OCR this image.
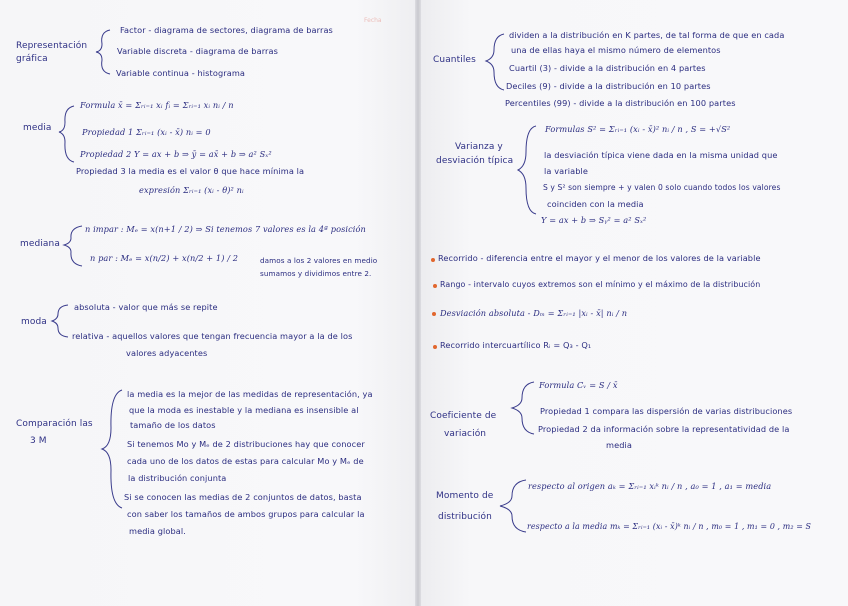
Fecha

Representación gráfica

Factor - diagrama de sectores, diagrama de barras

Variable discreta - diagrama de barras

Variable continua - histograma

media

Formula x̄ = Σᵣᵢ₌₁ xᵢ fᵢ = Σᵣᵢ₌₁ xᵢ nᵢ / n

Propiedad 1 Σᵣᵢ₌₁ (xᵢ - x̄) nᵢ = 0

Propiedad 2 Y = ax + b ⇒ ȳ = ax̄ + b ⇒ a² Sₓ²

Propiedad 3 la media es el valor θ que hace mínima la

expresión Σᵣᵢ₌₁ (xᵢ - θ)² nᵢ

mediana

n impar : Mₑ = x(n+1 / 2) ⇒ Si tenemos 7 valores es la 4ª posición

n par : Mₑ = x(n/2) + x(n/2 + 1) / 2	damos a los 2 valores en medio

sumamos y dividimos entre 2.

moda

absoluta - valor que más se repite

relativa - aquellos valores que tengan frecuencia mayor a la de los

valores adyacentes

Comparación las

3 M

la media es la mejor de las medidas de representación, ya

que la moda es inestable y la mediana es insensible al

tamaño de los datos

Si tenemos Mo y Mₑ de 2 distribuciones hay que conocer

cada uno de los datos de estas para calcular Mo y Mₑ de

la distribución conjunta

Si se conocen las medias de 2 conjuntos de datos, basta

con saber los tamaños de ambos grupos para calcular la

media global.

Cuantiles

dividen a la distribución en K partes, de tal forma de que en cada

una de ellas haya el mismo número de elementos

Cuartil (3) - divide a la distribución en 4 partes

Deciles (9) - divide a la distribución en 10 partes

Percentiles (99) - divide a la distribución en 100 partes

Varianza y

desviación típica

Formulas S² = Σᵣᵢ₌₁ (xᵢ - x̄)² nᵢ / n , S = +√S²

la desviación típica viene dada en la misma unidad que

la variable

S y S² son siempre + y valen 0 solo cuando todos los valores

coinciden con la media

Y = ax + b ⇒ Sᵧ² = a² Sₓ²

Recorrido - diferencia entre el mayor y el menor de los valores de la variable

Rango - intervalo cuyos extremos son el mínimo y el máximo de la distribución

Desviación absoluta - Dₘ = Σᵣᵢ₌₁ |xᵢ - x̄| nᵢ / n

Recorrido intercuartílico Rᵢ = Q₃ - Q₁

Coeficiente de

variación

Formula Cᵥ = S / x̄

Propiedad 1 compara las dispersión de varias distribuciones

Propiedad 2 da información sobre la representatividad de la

media

Momento de

distribución

respecto al origen aₖ = Σᵣᵢ₌₁ xᵢᵏ nᵢ / n , a₀ = 1 , a₁ = media

respecto a la media mₖ = Σᵣᵢ₌₁ (xᵢ - x̄)ᵏ nᵢ / n , m₀ = 1 , m₁ = 0 , m₂ = S
